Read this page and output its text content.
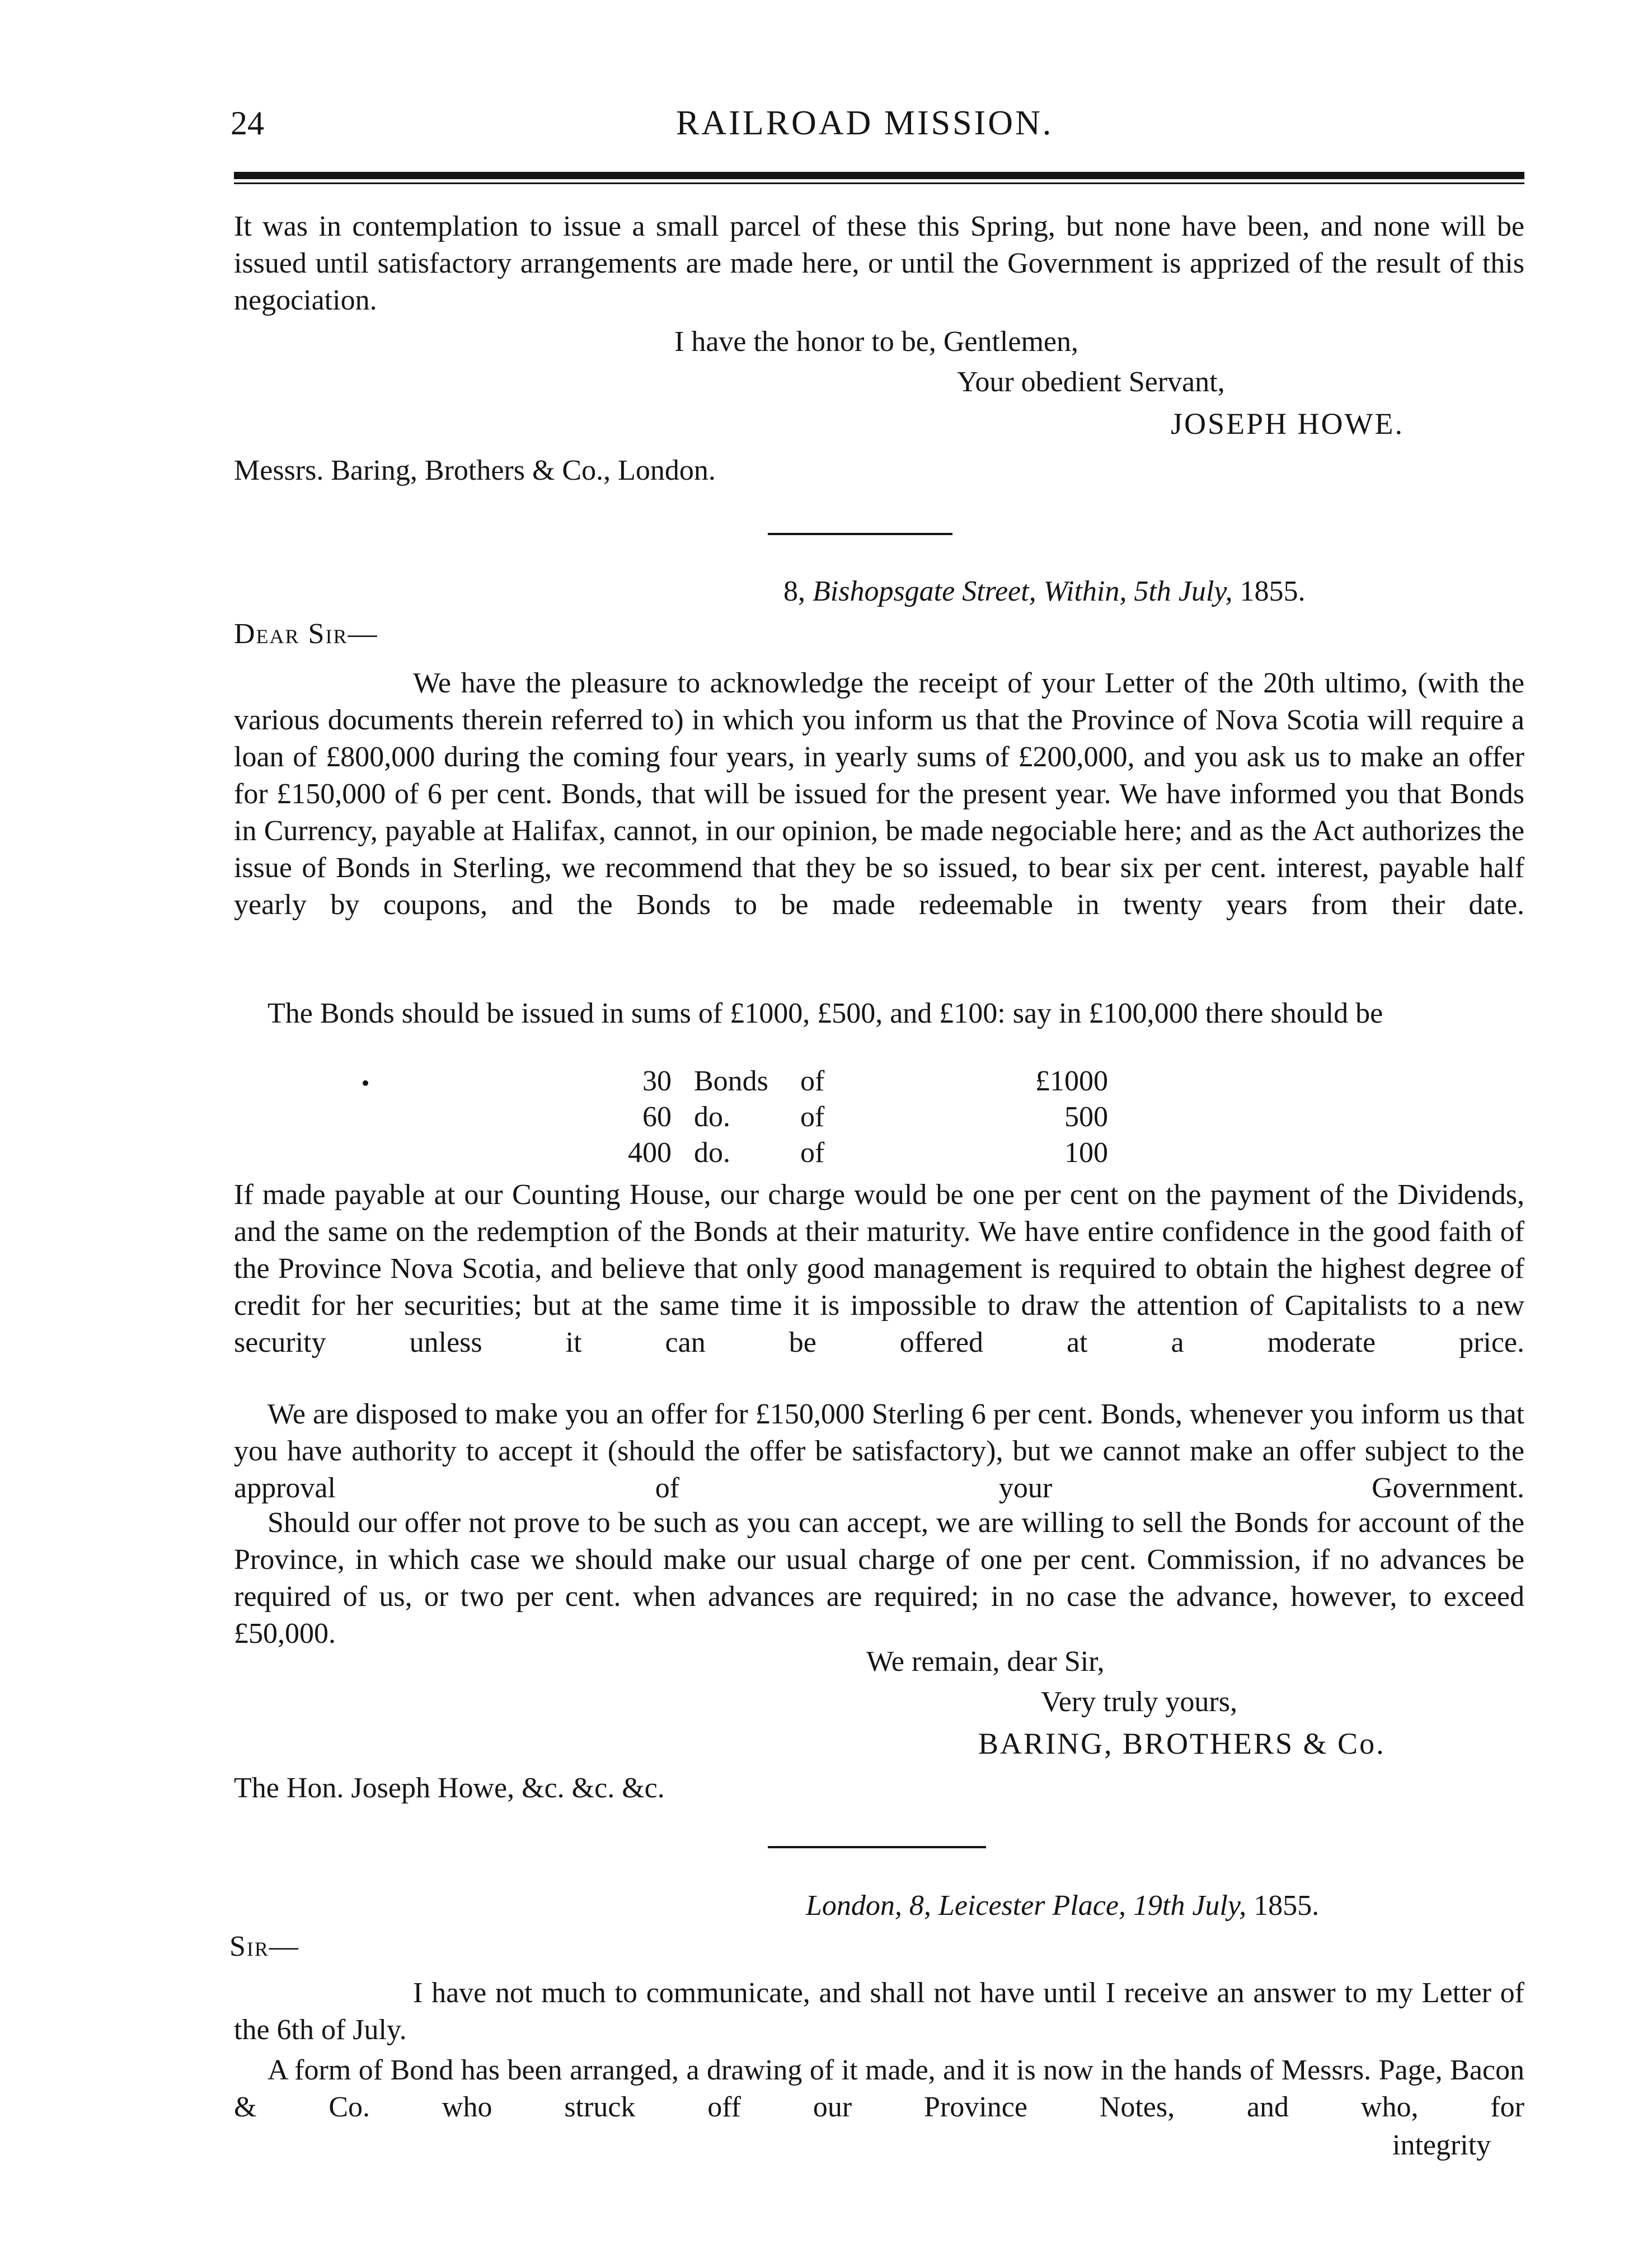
24	RAILROAD MISSION.
It was in contemplation to issue a small parcel of these this Spring, but none have been, and none will be issued until satisfactory arrangements are made here, or until the Government is apprized of the result of this negociation.
I have the honor to be, Gentlemen,
Your obedient Servant,
JOSEPH HOWE.
Messrs. Baring, Brothers & Co., London.
8, Bishopsgate Street, Within, 5th July, 1855.
Dear Sir—
We have the pleasure to acknowledge the receipt of your Letter of the 20th ultimo, (with the various documents therein referred to) in which you inform us that the Province of Nova Scotia will require a loan of £800,000 during the coming four years, in yearly sums of £200,000, and you ask us to make an offer for £150,000 of 6 per cent. Bonds, that will be issued for the present year. We have informed you that Bonds in Currency, payable at Halifax, cannot, in our opinion, be made negociable here; and as the Act authorizes the issue of Bonds in Sterling, we recommend that they be so issued, to bear six per cent. interest, payable half yearly by coupons, and the Bonds to be made redeemable in twenty years from their date.
The Bonds should be issued in sums of £1000, £500, and £100: say in £100,000 there should be
30 Bonds of	£1000
60 do. of	500
400 do. of	100
If made payable at our Counting House, our charge would be one per cent on the payment of the Dividends, and the same on the redemption of the Bonds at their maturity. We have entire confidence in the good faith of the Province Nova Scotia, and believe that only good management is required to obtain the highest degree of credit for her securities; but at the same time it is impossible to draw the attention of Capitalists to a new security unless it can be offered at a moderate price.
We are disposed to make you an offer for £150,000 Sterling 6 per cent. Bonds, whenever you inform us that you have authority to accept it (should the offer be satisfactory), but we cannot make an offer subject to the approval of your Government.
Should our offer not prove to be such as you can accept, we are willing to sell the Bonds for account of the Province, in which case we should make our usual charge of one per cent. Commission, if no advances be required of us, or two per cent. when advances are required; in no case the advance, however, to exceed £50,000.
We remain, dear Sir,
Very truly yours,
BARING, BROTHERS & Co.
The Hon. Joseph Howe, &c. &c. &c.
London, 8, Leicester Place, 19th July, 1855.
Sir—
I have not much to communicate, and shall not have until I receive an answer to my Letter of the 6th of July.
A form of Bond has been arranged, a drawing of it made, and it is now in the hands of Messrs. Page, Bacon & Co. who struck off our Province Notes, and who, for
integrity
